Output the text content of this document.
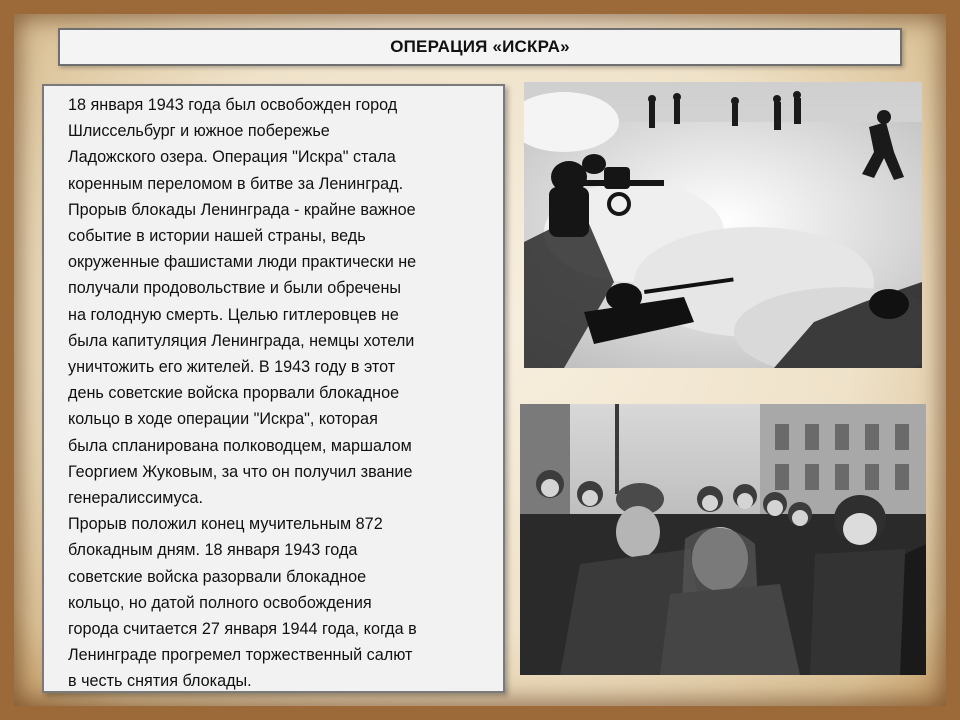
ОПЕРАЦИЯ «ИСКРА»

18 января 1943 года был освобожден город
Шлиссельбург и южное побережье
Ладожского озера. Операция "Искра" стала
коренным переломом в битве за Ленинград.
Прорыв блокады Ленинграда - крайне важное
событие в истории нашей страны, ведь
окруженные фашистами люди практически не
получали продовольствие и были обречены
на голодную смерть. Целью гитлеровцев не
была капитуляция Ленинграда, немцы хотели
уничтожить его жителей. В 1943 году в этот
день советские войска прорвали блокадное
кольцо в ходе операции "Искра", которая
была спланирована полководцем, маршалом
Георгием Жуковым, за что он получил звание
генералиссимуса.

Прорыв положил конец мучительным 872
блокадным дням. 18 января 1943 года
советские войска разорвали блокадное
кольцо, но датой полного освобождения
города считается 27 января 1944 года, когда в
Ленинграде прогремел торжественный салют
в честь снятия блокады.
